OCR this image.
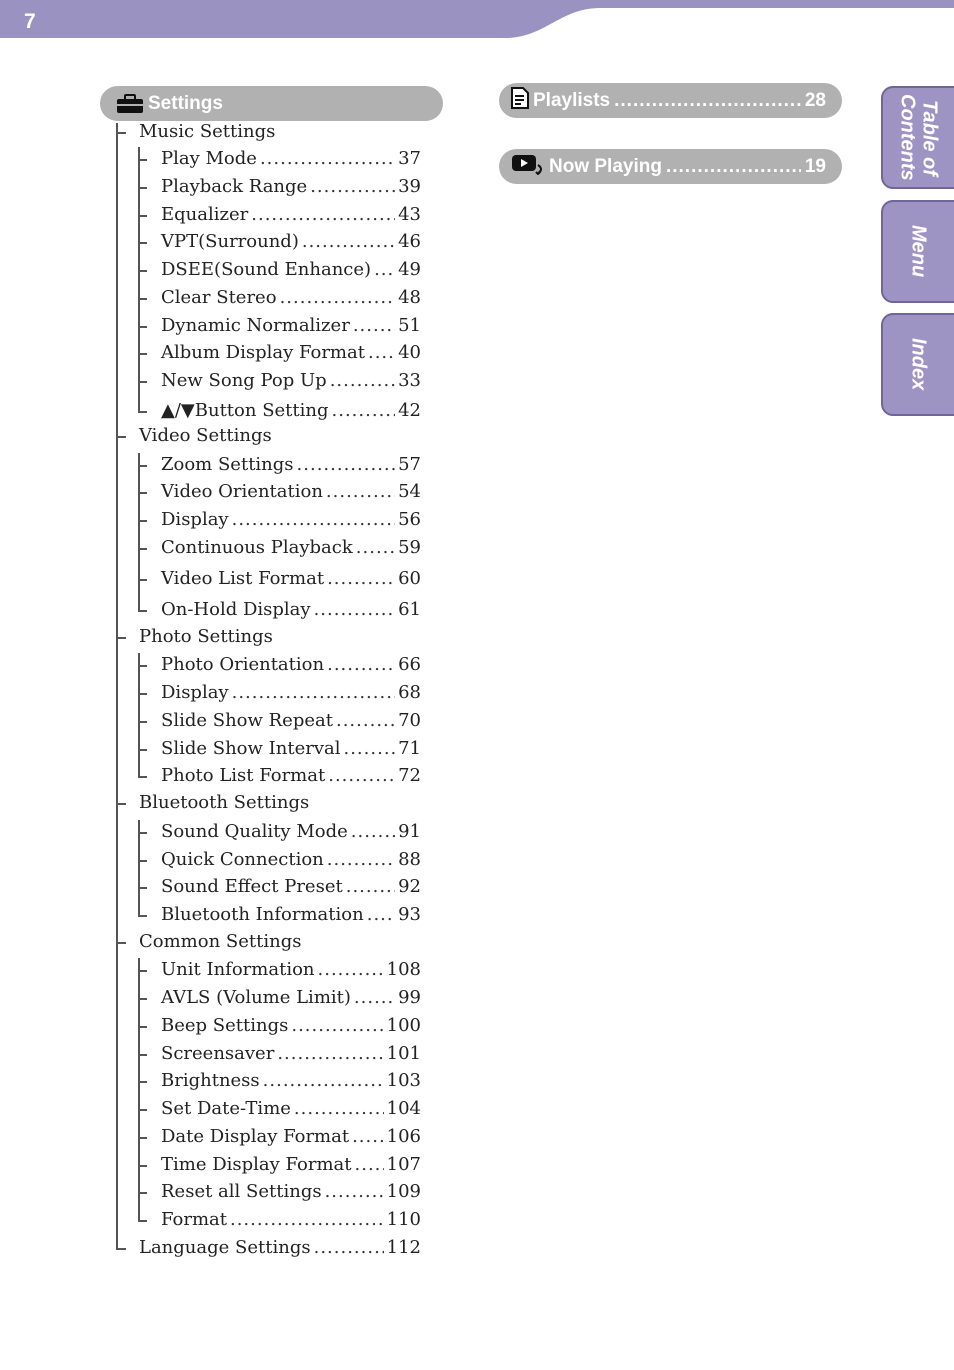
7
Settings
Music Settings
Play Mode .....	37
Playback Range .....	39
Equalizer .....	43
VPT(Surround) .....	46
DSEE(Sound Enhance) ..... 49
Clear Stereo .....	48
Dynamic Normalizer .....	51
Album Display Format ..... 40
New Song Pop Up .....	33
▲/▼Button Setting .....	42
Video Settings
Zoom Settings .....	57
Video Orientation .....	54
Display .....	56
Continuous Playback .....	59
Video List Format .....	60
On-Hold Display .....	61
Photo Settings
Photo Orientation .....	66
Display .....	68
Slide Show Repeat .....	70
Slide Show Interval .....	71
Photo List Format .....	72
Bluetooth Settings
Sound Quality Mode .....	91
Quick Connection .....	88
Sound Effect Preset .....	92
Bluetooth Information ..... 93
Common Settings
Unit Information .....	108
AVLS (Volume Limit) .....	99
Beep Settings .....	100
Screensaver .....	101
Brightness .....	103
Set Date-Time .....	104
Date Display Format ..... 106
Time Display Format ..... 107
Reset all Settings .....	109
Format .....	110
Language Settings .....	112
Playlists .....	28
Now Playing .....	19	Table of
Contents
Menu
Index
